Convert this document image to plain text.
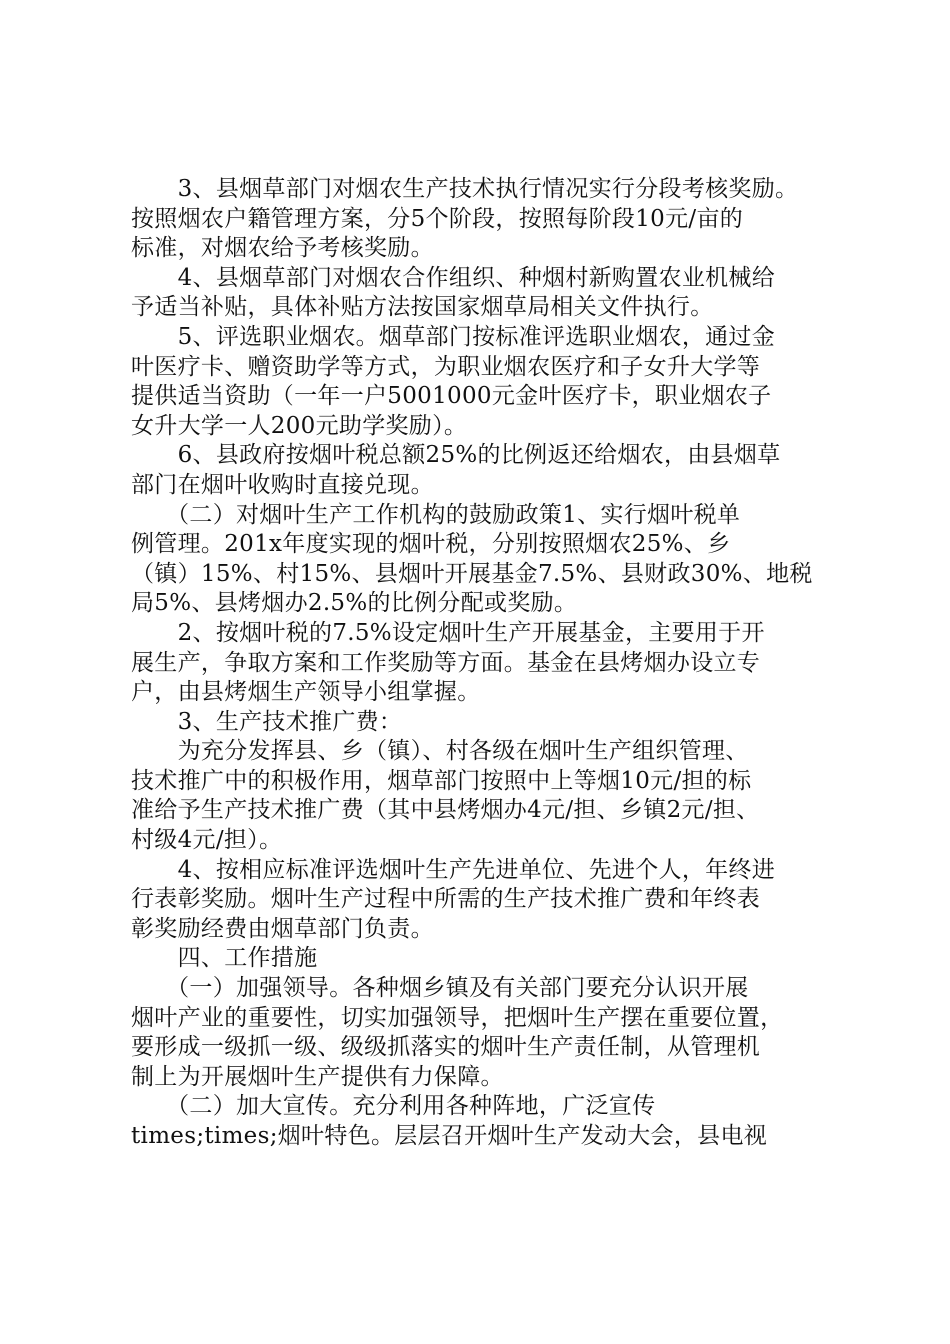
　　3、县烟草部门对烟农生产技术执行情况实行分段考核奖励。
按照烟农户籍管理方案，分5个阶段，按照每阶段10元/亩的
标准，对烟农给予考核奖励。
　　4、县烟草部门对烟农合作组织、种烟村新购置农业机械给
予适当补贴，具体补贴方法按国家烟草局相关文件执行。
　　5、评选职业烟农。烟草部门按标准评选职业烟农，通过金
叶医疗卡、赠资助学等方式，为职业烟农医疗和子女升大学等
提供适当资助（一年一户5001000元金叶医疗卡，职业烟农子
女升大学一人200元助学奖励）。
　　6、县政府按烟叶税总额25%的比例返还给烟农，由县烟草
部门在烟叶收购时直接兑现。
　　（二）对烟叶生产工作机构的鼓励政策1、实行烟叶税单
例管理。201x年度实现的烟叶税，分别按照烟农25%、乡
（镇）15%、村15%、县烟叶开展基金7.5%、县财政30%、地税
局5%、县烤烟办2.5%的比例分配或奖励。
　　2、按烟叶税的7.5%设定烟叶生产开展基金，主要用于开
展生产，争取方案和工作奖励等方面。基金在县烤烟办设立专
户，由县烤烟生产领导小组掌握。
　　3、生产技术推广费：
　　为充分发挥县、乡（镇）、村各级在烟叶生产组织管理、
技术推广中的积极作用，烟草部门按照中上等烟10元/担的标
准给予生产技术推广费（其中县烤烟办4元/担、乡镇2元/担、
村级4元/担）。
　　4、按相应标准评选烟叶生产先进单位、先进个人，年终进
行表彰奖励。烟叶生产过程中所需的生产技术推广费和年终表
彰奖励经费由烟草部门负责。
　　四、工作措施
　　（一）加强领导。各种烟乡镇及有关部门要充分认识开展
烟叶产业的重要性，切实加强领导，把烟叶生产摆在重要位置，
要形成一级抓一级、级级抓落实的烟叶生产责任制，从管理机
制上为开展烟叶生产提供有力保障。
　　（二）加大宣传。充分利用各种阵地，广泛宣传
times;times;烟叶特色。层层召开烟叶生产发动大会，县电视
